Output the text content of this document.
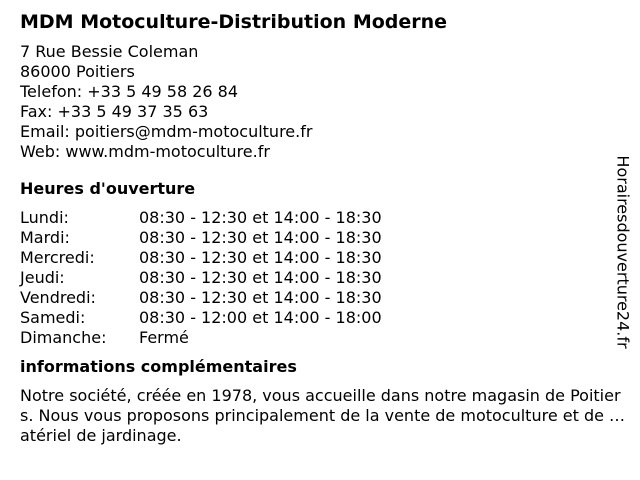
MDM Motoculture-Distribution Moderne
7 Rue Bessie Coleman
86000 Poitiers
Telefon: +33 5 49 58 26 84
Fax: +33 5 49 37 35 63
Email: poitiers@mdm-motoculture.fr
Web: www.mdm-motoculture.fr
Heures d'ouverture
Lundi:	08:30 - 12:30 et 14:00 - 18:30
Mardi:	08:30 - 12:30 et 14:00 - 18:30
Mercredi:	08:30 - 12:30 et 14:00 - 18:30
Jeudi:	08:30 - 12:30 et 14:00 - 18:30
Vendredi:	08:30 - 12:30 et 14:00 - 18:30
Samedi:	08:30 - 12:00 et 14:00 - 18:00
Dimanche:	Fermé
informations complémentaires
Notre société, créée en 1978, vous accueille dans notre magasin de Poitiers. Nous vous proposons principalement de la vente de motoculture et de matériel de jardinage.
Horairesdouverture24.fr
